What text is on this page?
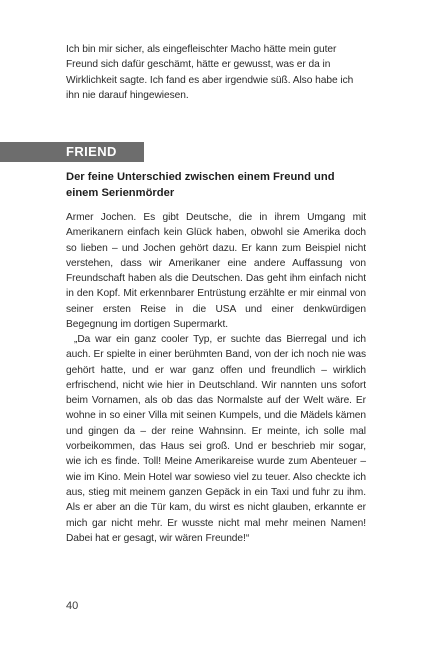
Ich bin mir sicher, als eingefleischter Macho hätte mein guter Freund sich dafür geschämt, hätte er gewusst, was er da in Wirklichkeit sagte. Ich fand es aber irgendwie süß. Also habe ich ihn nie darauf hingewiesen.

FRIEND
Der feine Unterschied zwischen einem Freund und einem Serienmörder

Armer Jochen. Es gibt Deutsche, die in ihrem Umgang mit Amerikanern einfach kein Glück haben, obwohl sie Amerika doch so lieben – und Jochen gehört dazu. Er kann zum Beispiel nicht verstehen, dass wir Amerikaner eine andere Auffassung von Freundschaft haben als die Deutschen. Das geht ihm einfach nicht in den Kopf. Mit erkennbarer Entrüstung erzählte er mir einmal von seiner ersten Reise in die USA und einer denkwürdigen Begegnung im dortigen Supermarkt.

„Da war ein ganz cooler Typ, er suchte das Bierregal und ich auch. Er spielte in einer berühmten Band, von der ich noch nie was gehört hatte, und er war ganz offen und freundlich – wirklich erfrischend, nicht wie hier in Deutschland. Wir nannten uns sofort beim Vornamen, als ob das das Normalste auf der Welt wäre. Er wohne in so einer Villa mit seinen Kumpels, und die Mädels kämen und gingen da – der reine Wahnsinn. Er meinte, ich solle mal vorbeikommen, das Haus sei groß. Und er beschrieb mir sogar, wie ich es finde. Toll! Meine Amerikareise wurde zum Abenteuer – wie im Kino. Mein Hotel war sowieso viel zu teuer. Also checkte ich aus, stieg mit meinem ganzen Gepäck in ein Taxi und fuhr zu ihm. Als er aber an die Tür kam, du wirst es nicht glauben, erkannte er mich gar nicht mehr. Er wusste nicht mal mehr meinen Namen! Dabei hat er gesagt, wir wären Freunde!“

40
